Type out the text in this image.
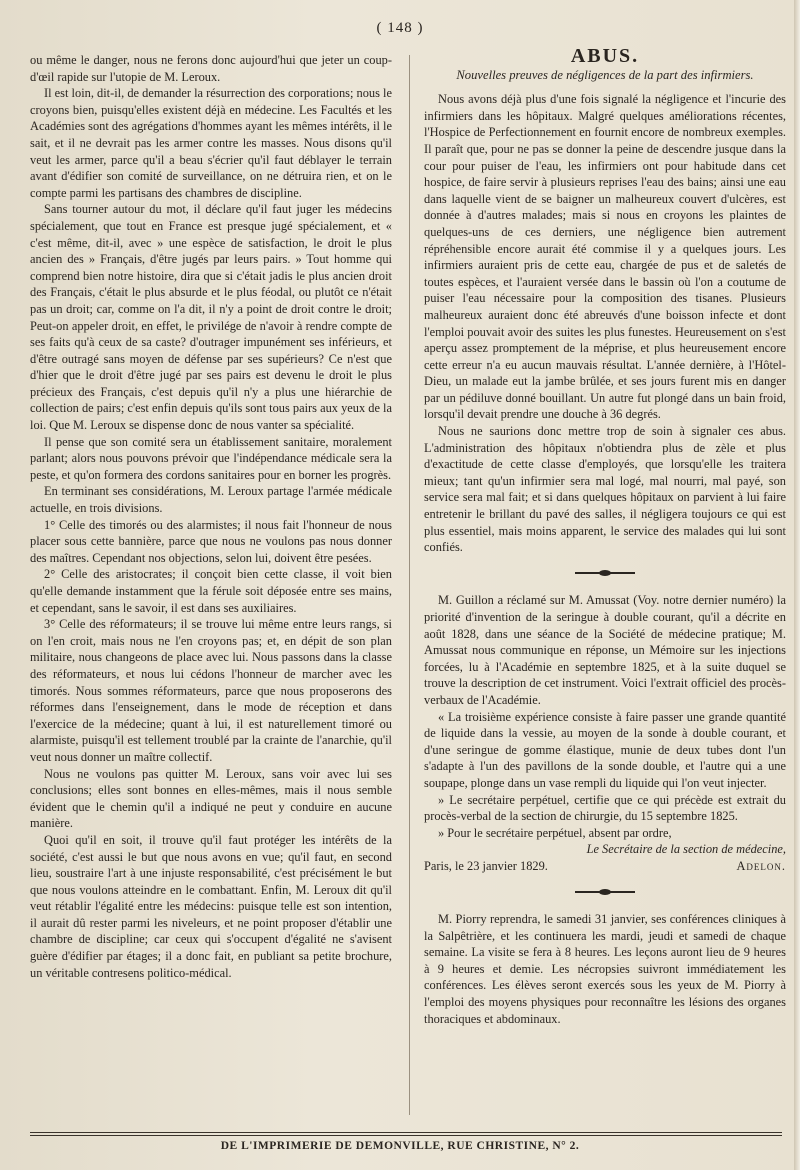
( 148 )

ou même le danger, nous ne ferons donc aujourd'hui que jeter un coup-d'œil rapide sur l'utopie de M. Leroux.

Il est loin, dit-il, de demander la résurrection des corporations; nous le croyons bien, puisqu'elles existent déjà en médecine. Les Facultés et les Académies sont des agrégations d'hommes ayant les mêmes intérêts, il le sait, et il ne devrait pas les armer contre les masses. Nous disons qu'il veut les armer, parce qu'il a beau s'écrier qu'il faut déblayer le terrain avant d'édifier son comité de surveillance, on ne détruira rien, et on le compte parmi les partisans des chambres de discipline.

Sans tourner autour du mot, il déclare qu'il faut juger les médecins spécialement, que tout en France est presque jugé spécialement, et « c'est même, dit-il, avec » une espèce de satisfaction, le droit le plus ancien des » Français, d'être jugés par leurs pairs. » Tout homme qui comprend bien notre histoire, dira que si c'était jadis le plus ancien droit des Français, c'était le plus absurde et le plus féodal, ou plutôt ce n'était pas un droit; car, comme on l'a dit, il n'y a point de droit contre le droit; Peut-on appeler droit, en effet, le privilége de n'avoir à rendre compte de ses faits qu'à ceux de sa caste? d'outrager impunément ses inférieurs, et d'être outragé sans moyen de défense par ses supérieurs? Ce n'est que d'hier que le droit d'être jugé par ses pairs est devenu le droit le plus précieux des Français, c'est depuis qu'il n'y a plus une hiérarchie de collection de pairs; c'est enfin depuis qu'ils sont tous pairs aux yeux de la loi. Que M. Leroux se dispense donc de nous vanter sa spécialité.

Il pense que son comité sera un établissement sanitaire, moralement parlant; alors nous pouvons prévoir que l'indépendance médicale sera la peste, et qu'on formera des cordons sanitaires pour en borner les progrès.

En terminant ses considérations, M. Leroux partage l'armée médicale actuelle, en trois divisions.

1° Celle des timorés ou des alarmistes; il nous fait l'honneur de nous placer sous cette bannière, parce que nous ne voulons pas nous donner des maîtres. Cependant nos objections, selon lui, doivent être pesées.

2° Celle des aristocrates; il conçoit bien cette classe, il voit bien qu'elle demande instamment que la férule soit déposée entre ses mains, et cependant, sans le savoir, il est dans ses auxiliaires.

3° Celle des réformateurs; il se trouve lui même entre leurs rangs, si on l'en croit, mais nous ne l'en croyons pas; et, en dépit de son plan militaire, nous changeons de place avec lui. Nous passons dans la classe des réformateurs, et nous lui cédons l'honneur de marcher avec les timorés. Nous sommes réformateurs, parce que nous proposerons des réformes dans l'enseignement, dans le mode de réception et dans l'exercice de la médecine; quant à lui, il est naturellement timoré ou alarmiste, puisqu'il est tellement troublé par la crainte de l'anarchie, qu'il veut nous donner un maître collectif.

Nous ne voulons pas quitter M. Leroux, sans voir avec lui ses conclusions; elles sont bonnes en elles-mêmes, mais il nous semble évident que le chemin qu'il a indiqué ne peut y conduire en aucune manière.

Quoi qu'il en soit, il trouve qu'il faut protéger les intérêts de la société, c'est aussi le but que nous avons en vue; qu'il faut, en second lieu, soustraire l'art à une injuste responsabilité, c'est précisément le but que nous voulons atteindre en le combattant. Enfin, M. Leroux dit qu'il veut rétablir l'égalité entre les médecins: puisque telle est son intention, il aurait dû rester parmi les niveleurs, et ne point proposer d'établir une chambre de discipline; car ceux qui s'occupent d'égalité ne s'avisent guère d'édifier par étages; il a donc fait, en publiant sa petite brochure, un véritable contresens politico-médical.

ABUS.
Nouvelles preuves de négligences de la part des infirmiers.

Nous avons déjà plus d'une fois signalé la négligence et l'incurie des infirmiers dans les hôpitaux. Malgré quelques améliorations récentes, l'Hospice de Perfectionnement en fournit encore de nombreux exemples. Il paraît que, pour ne pas se donner la peine de descendre jusque dans la cour pour puiser de l'eau, les infirmiers ont pour habitude dans cet hospice, de faire servir à plusieurs reprises l'eau des bains; ainsi une eau dans laquelle vient de se baigner un malheureux couvert d'ulcères, est donnée à d'autres malades; mais si nous en croyons les plaintes de quelques-uns de ces derniers, une négligence bien autrement répréhensible encore aurait été commise il y a quelques jours. Les infirmiers auraient pris de cette eau, chargée de pus et de saletés de toutes espèces, et l'auraient versée dans le bassin où l'on a coutume de puiser l'eau nécessaire pour la composition des tisanes. Plusieurs malheureux auraient donc été abreuvés d'une boisson infecte et dont l'emploi pouvait avoir des suites les plus funestes. Heureusement on s'est aperçu assez promptement de la méprise, et plus heureusement encore cette erreur n'a eu aucun mauvais résultat. L'année dernière, à l'Hôtel-Dieu, un malade eut la jambe brûlée, et ses jours furent mis en danger par un pédiluve donné bouillant. Un autre fut plongé dans un bain froid, lorsqu'il devait prendre une douche à 36 degrés.

Nous ne saurions donc mettre trop de soin à signaler ces abus. L'administration des hôpitaux n'obtiendra plus de zèle et plus d'exactitude de cette classe d'employés, que lorsqu'elle les traitera mieux; tant qu'un infirmier sera mal logé, mal nourri, mal payé, son service sera mal fait; et si dans quelques hôpitaux on parvient à lui faire entretenir le brillant du pavé des salles, il négligera toujours ce qui est plus essentiel, mais moins apparent, le service des malades qui lui sont confiés.

M. Guillon a réclamé sur M. Amussat (Voy. notre dernier numéro) la priorité d'invention de la seringue à double courant, qu'il a décrite en août 1828, dans une séance de la Société de médecine pratique; M. Amussat nous communique en réponse, un Mémoire sur les injections forcées, lu à l'Académie en septembre 1825, et à la suite duquel se trouve la description de cet instrument. Voici l'extrait officiel des procès-verbaux de l'Académie.

« La troisième expérience consiste à faire passer une grande quantité de liquide dans la vessie, au moyen de la sonde à double courant, et d'une seringue de gomme élastique, munie de deux tubes dont l'un s'adapte à l'un des pavillons de la sonde double, et l'autre qui a une soupape, plonge dans un vase rempli du liquide qui l'on veut injecter.

» Le secrétaire perpétuel, certifie que ce qui précède est extrait du procès-verbal de la section de chirurgie, du 15 septembre 1825.

» Pour le secrétaire perpétuel, absent par ordre,

Le Secrétaire de la section de médecine,
Paris, le 23 janvier 1829.	Adelon.

M. Piorry reprendra, le samedi 31 janvier, ses conférences cliniques à la Salpêtrière, et les continuera les mardi, jeudi et samedi de chaque semaine. La visite se fera à 8 heures. Les leçons auront lieu de 9 heures à 9 heures et demie. Les nécropsies suivront immédiatement les conférences. Les élèves seront exercés sous les yeux de M. Piorry à l'emploi des moyens physiques pour reconnaître les lésions des organes thoraciques et abdominaux.

DE L'IMPRIMERIE DE DEMONVILLE, RUE CHRISTINE, N° 2.
